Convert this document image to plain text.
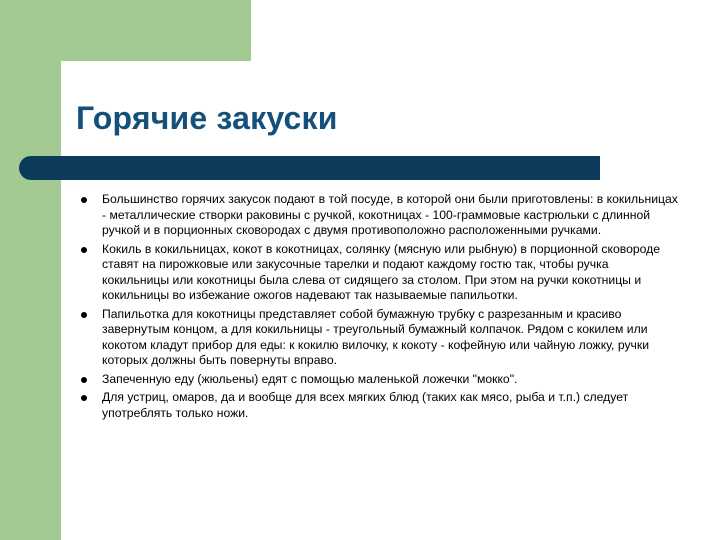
Горячие закуски
Большинство горячих закусок подают в той посуде, в которой они были приготовлены: в кокильницах - металлические створки раковины с ручкой, кокотницах - 100-граммовые кастрюльки с длинной ручкой и в порционных сковородах с двумя противоположно расположенными ручками.
Кокиль в кокильницах, кокот в кокотницах, солянку (мясную или рыбную) в порционной сковороде ставят на пирожковые или закусочные тарелки и подают каждому гостю так, чтобы ручка кокильницы или кокотницы была слева от сидящего за столом. При этом на ручки кокотницы и кокильницы во избежание ожогов надевают так называемые папильотки.
Папильотка для кокотницы представляет собой бумажную трубку с разрезанным и красиво завернутым концом, а для кокильницы - треугольный бумажный колпачок. Рядом с кокилем или кокотом кладут прибор для еды: к кокилю вилочку, к кокоту - кофейную или чайную ложку, ручки которых должны быть повернуты вправо.
Запеченную еду (жюльены) едят с помощью маленькой ложечки "мокко".
Для устриц, омаров, да и вообще для всех мягких блюд (таких как мясо, рыба и т.п.) следует употреблять только ножи.
